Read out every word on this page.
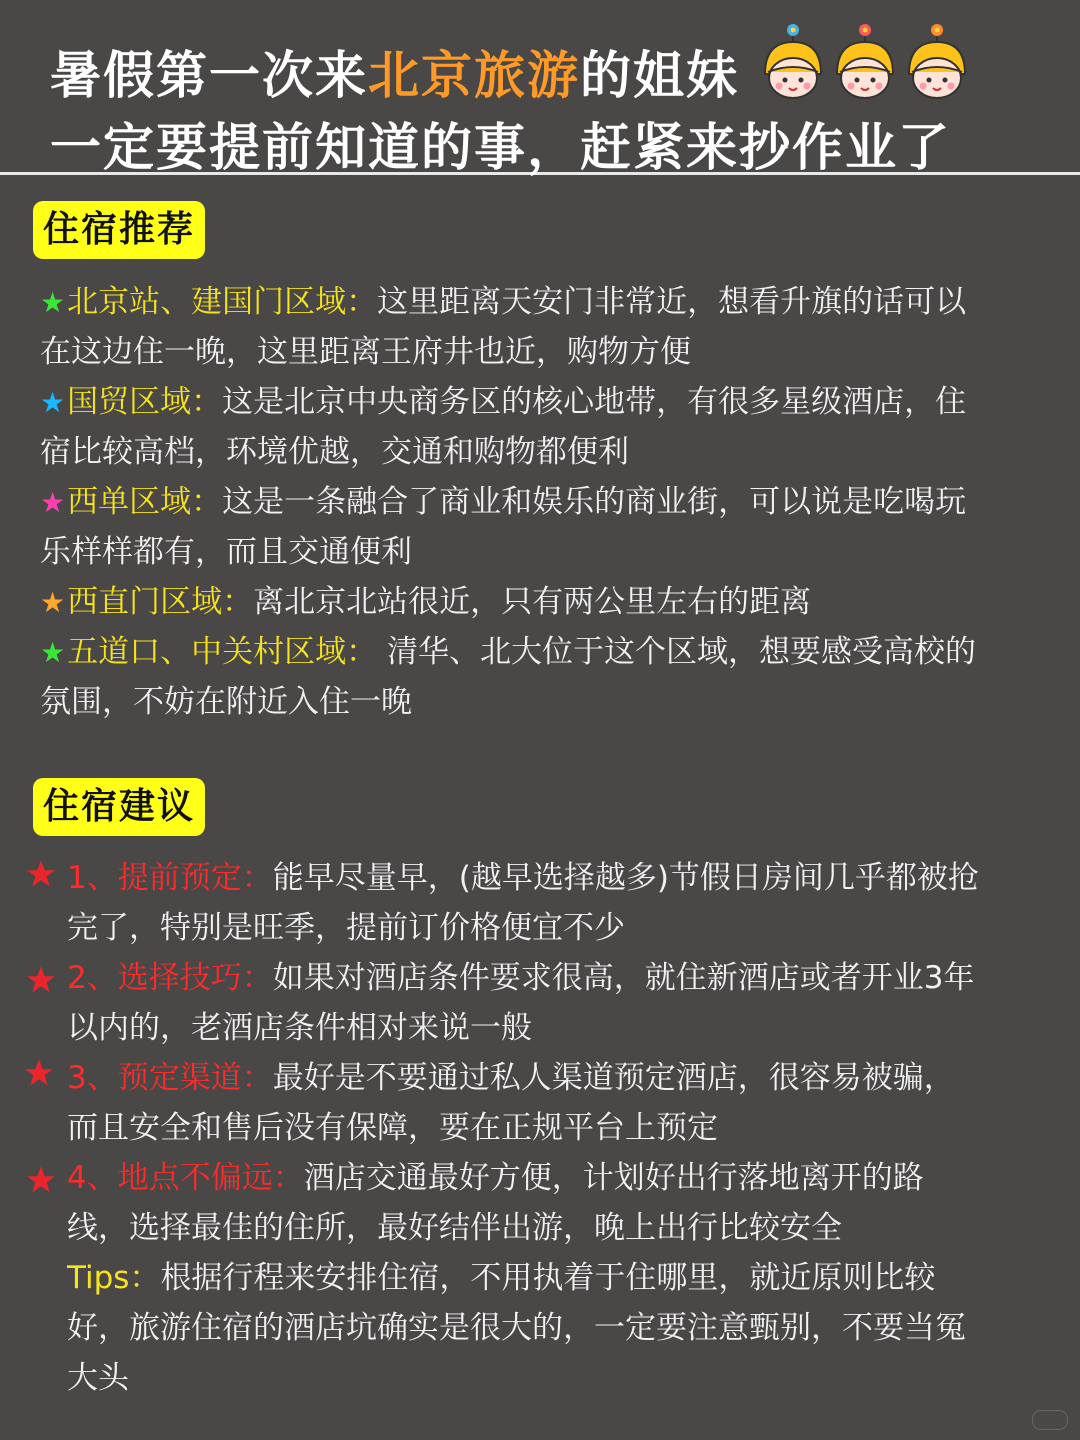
暑假第一次来北京旅游的姐妹
一定要提前知道的事，赶紧来抄作业了
住宿推荐
★北京站、建国门区域：这里距离天安门非常近，想看升旗的话可以
在这边住一晚，这里距离王府井也近，购物方便
★国贸区域：这是北京中央商务区的核心地带，有很多星级酒店，住
宿比较高档，环境优越，交通和购物都便利
★西单区域：这是一条融合了商业和娱乐的商业街，可以说是吃喝玩
乐样样都有，而且交通便利
★西直门区域：离北京北站很近，只有两公里左右的距离
★五道口、中关村区域： 清华、北大位于这个区域，想要感受高校的
氛围，不妨在附近入住一晚
住宿建议
1、提前预定：能早尽量早，(越早选择越多)节假日房间几乎都被抢
完了，特别是旺季，提前订价格便宜不少
2、选择技巧：如果对酒店条件要求很高，就住新酒店或者开业3年
以内的，老酒店条件相对来说一般
3、预定渠道：最好是不要通过私人渠道预定酒店，很容易被骗，
而且安全和售后没有保障，要在正规平台上预定
4、地点不偏远：酒店交通最好方便，计划好出行落地离开的路
线，选择最佳的住所，最好结伴出游，晚上出行比较安全
Tips：根据行程来安排住宿，不用执着于住哪里，就近原则比较
好，旅游住宿的酒店坑确实是很大的，一定要注意甄别，不要当冤
大头
